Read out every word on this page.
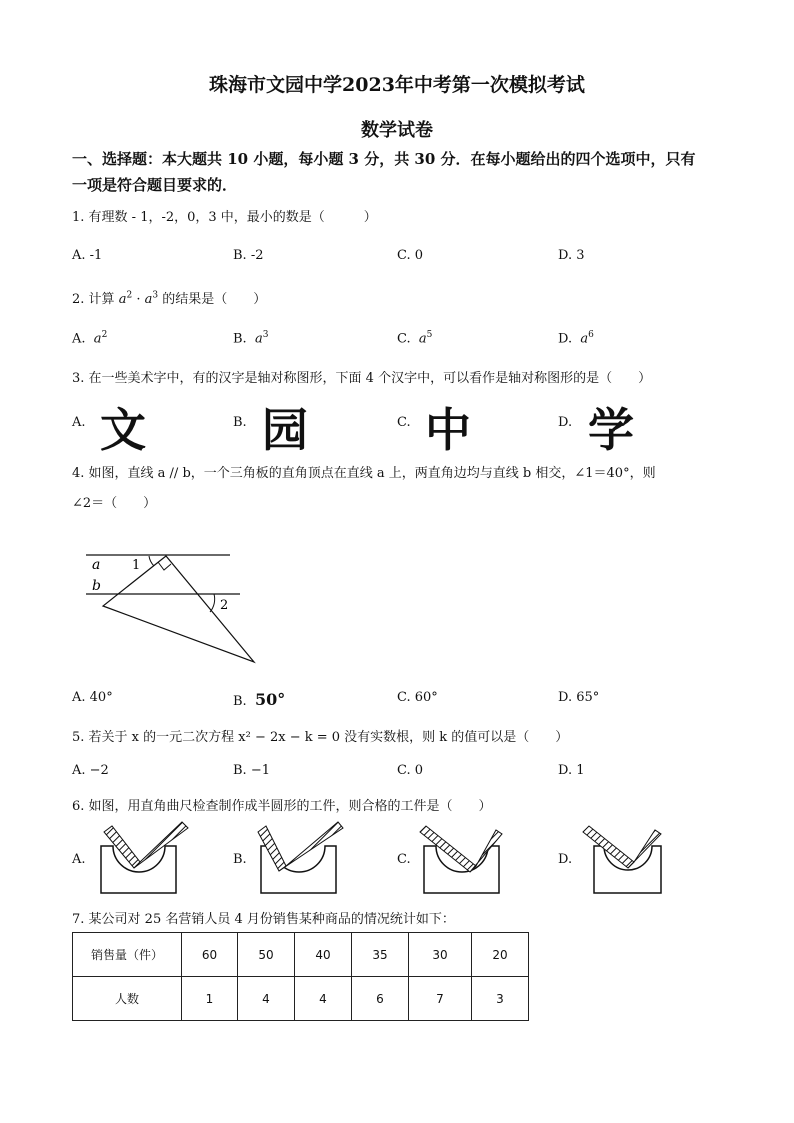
珠海市文园中学2023年中考第一次模拟考试
数学试卷
一、选择题：本大题共 10 小题，每小题 3 分，共 30 分．在每小题给出的四个选项中，只有
一项是符合题目要求的．
1. 有理数 - 1，-2，0，3 中，最小的数是（　　　）
A. -1	B. -2	C. 0	D. 3
2. 计算 $a^2 \cdot a^3$ 的结果是（　　）
A. $a^2$	B. $a^3$	C. $a^5$	D. $a^6$
3. 在一些美术字中，有的汉字是轴对称图形，下面 4 个汉字中，可以看作是轴对称图形的是（　　）
A. 文	B. 园	C. 中	D. 学
4. 如图，直线 a // b，一个三角板的直角顶点在直线 a 上，两直角边均与直线 b 相交，∠1＝40°，则
∠2＝（　　）
a
b
1
2
A. 40°	B. 50°	C. 60°	D. 65°
5. 若关于 x 的一元二次方程 x² − 2x − k = 0 没有实数根，则 k 的值可以是（　　）
A. −2	B. −1	C. 0	D. 1
6. 如图，用直角曲尺检查制作成半圆形的工件，则合格的工件是（　　）
A.	B.	C.	D.
7. 某公司对 25 名营销人员 4 月份销售某种商品的情况统计如下：
销售量（件）	60	50	40	35	30	20
人数	1	4	4	6	7	3
